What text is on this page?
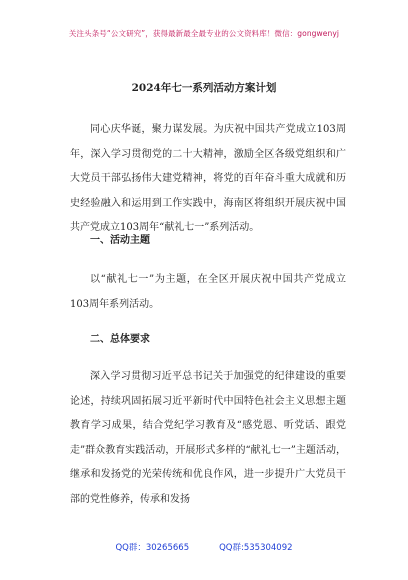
关注头条号“公文研究”，获得最新最全最专业的公文资料库！微信：gongwenyj
2024年七一系列活动方案计划

同心庆华诞，聚力谋发展。为庆祝中国共产党成立103周年，深入学习贯彻党的二十大精神，激励全区各级党组织和广大党员干部弘扬伟大建党精神，将党的百年奋斗重大成就和历史经验融入和运用到工作实践中，海南区将组织开展庆祝中国共产党成立103周年“献礼七一”系列活动。

一、活动主题

以“献礼七一”为主题，在全区开展庆祝中国共产党成立103周年系列活动。

二、总体要求

深入学习贯彻习近平总书记关于加强党的纪律建设的重要论述，持续巩固拓展习近平新时代中国特色社会主义思想主题教育学习成果，结合党纪学习教育及“感党恩、听党话、跟党走”群众教育实践活动，开展形式多样的“献礼七一”主题活动，继承和发扬党的光荣传统和优良作风，进一步提升广大党员干部的党性修养，传承和发扬

QQ群：30265665	QQ群:535304092
